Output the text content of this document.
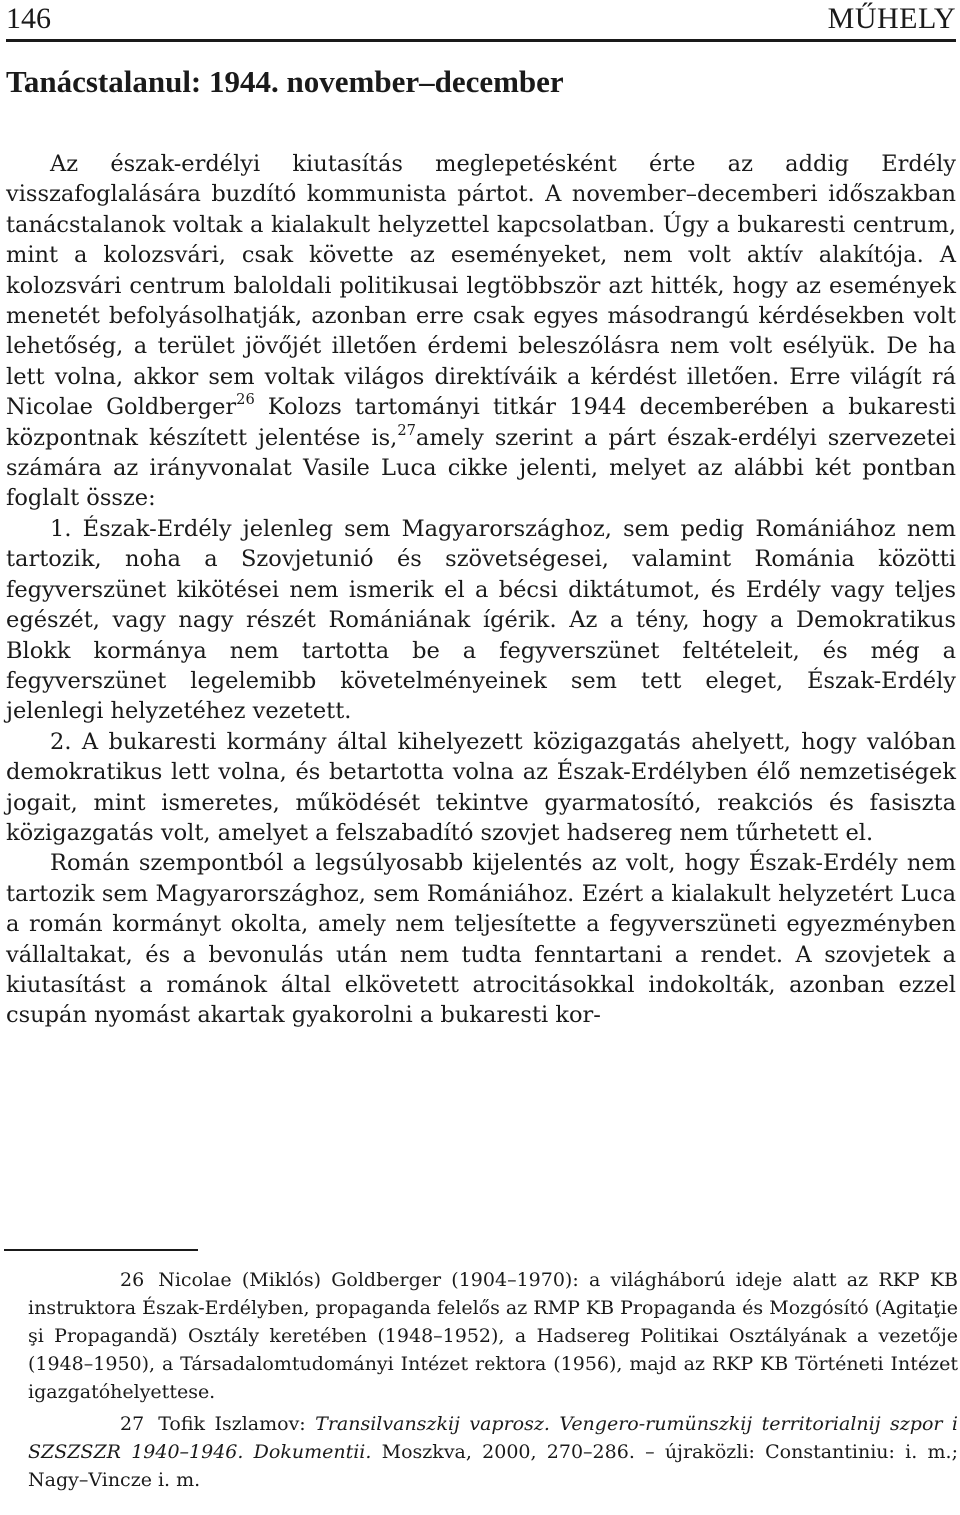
146	MŰHELY
Tanácstalanul: 1944. november–december

Az észak-erdélyi kiutasítás meglepetésként érte az addig Erdély visszafoglalására buzdító kommunista pártot. A november–decemberi időszakban tanácstalanok voltak a kialakult helyzettel kapcsolatban. Úgy a bukaresti centrum, mint a kolozsvári, csak követte az eseményeket, nem volt aktív alakítója. A kolozsvári centrum baloldali politikusai legtöbbször azt hitték, hogy az események menetét befolyásolhatják, azonban erre csak egyes másodrangú kérdésekben volt lehetőség, a terület jövőjét illetően érdemi beleszólásra nem volt esélyük. De ha lett volna, akkor sem voltak világos direktíváik a kérdést illetően. Erre világít rá Nicolae Goldberger$^{26}$ Kolozs tartományi titkár 1944 decemberében a bukaresti központnak készített jelentése is,$^{27}$amely szerint a párt észak-erdélyi szervezetei számára az irányvonalat Vasile Luca cikke jelenti, melyet az alábbi két pontban foglalt össze:

1. Észak-Erdély jelenleg sem Magyarországhoz, sem pedig Romániához nem tartozik, noha a Szovjetunió és szövetségesei, valamint Románia közötti fegyverszünet kikötései nem ismerik el a bécsi diktátumot, és Erdély vagy teljes egészét, vagy nagy részét Romániának ígérik. Az a tény, hogy a Demokratikus Blokk kormánya nem tartotta be a fegyverszünet feltételeit, és még a fegyverszünet legelemibb követelményeinek sem tett eleget, Észak-Erdély jelenlegi helyzetéhez vezetett.

2. A bukaresti kormány által kihelyezett közigazgatás ahelyett, hogy valóban demokratikus lett volna, és betartotta volna az Észak-Erdélyben élő nemzetiségek jogait, mint ismeretes, működését tekintve gyarmatosító, reakciós és fasiszta közigazgatás volt, amelyet a felszabadító szovjet hadsereg nem tűrhetett el.

Román szempontból a legsúlyosabb kijelentés az volt, hogy Észak-Erdély nem tartozik sem Magyarországhoz, sem Romániához. Ezért a kialakult helyzetért Luca a román kormányt okolta, amely nem teljesítette a fegyverszüneti egyezményben vállaltakat, és a bevonulás után nem tudta fenntartani a rendet. A szovjetek a kiutasítást a románok által elkövetett atrocitásokkal indokolták, azonban ezzel csupán nyomást akartak gyakorolni a bukaresti kor-

26 Nicolae (Miklós) Goldberger (1904–1970): a világháború ideje alatt az RKP KB instruktora Észak-Erdélyben, propaganda felelős az RMP KB Propaganda és Mozgósító (Agitaţie şi Propagandă) Osztály keretében (1948–1952), a Hadsereg Politikai Osztályának a vezetője (1948–1950), a Társadalomtudományi Intézet rektora (1956), majd az RKP KB Történeti Intézet igazgatóhelyettese.

27 Tofik Iszlamov: Transilvanszkij vaprosz. Vengero-rumünszkij territorialnij szpor i SZSZSZR 1940–1946. Dokumentii. Moszkva, 2000, 270–286. – újraközli: Constantiniu: i. m.; Nagy–Vincze i. m.
